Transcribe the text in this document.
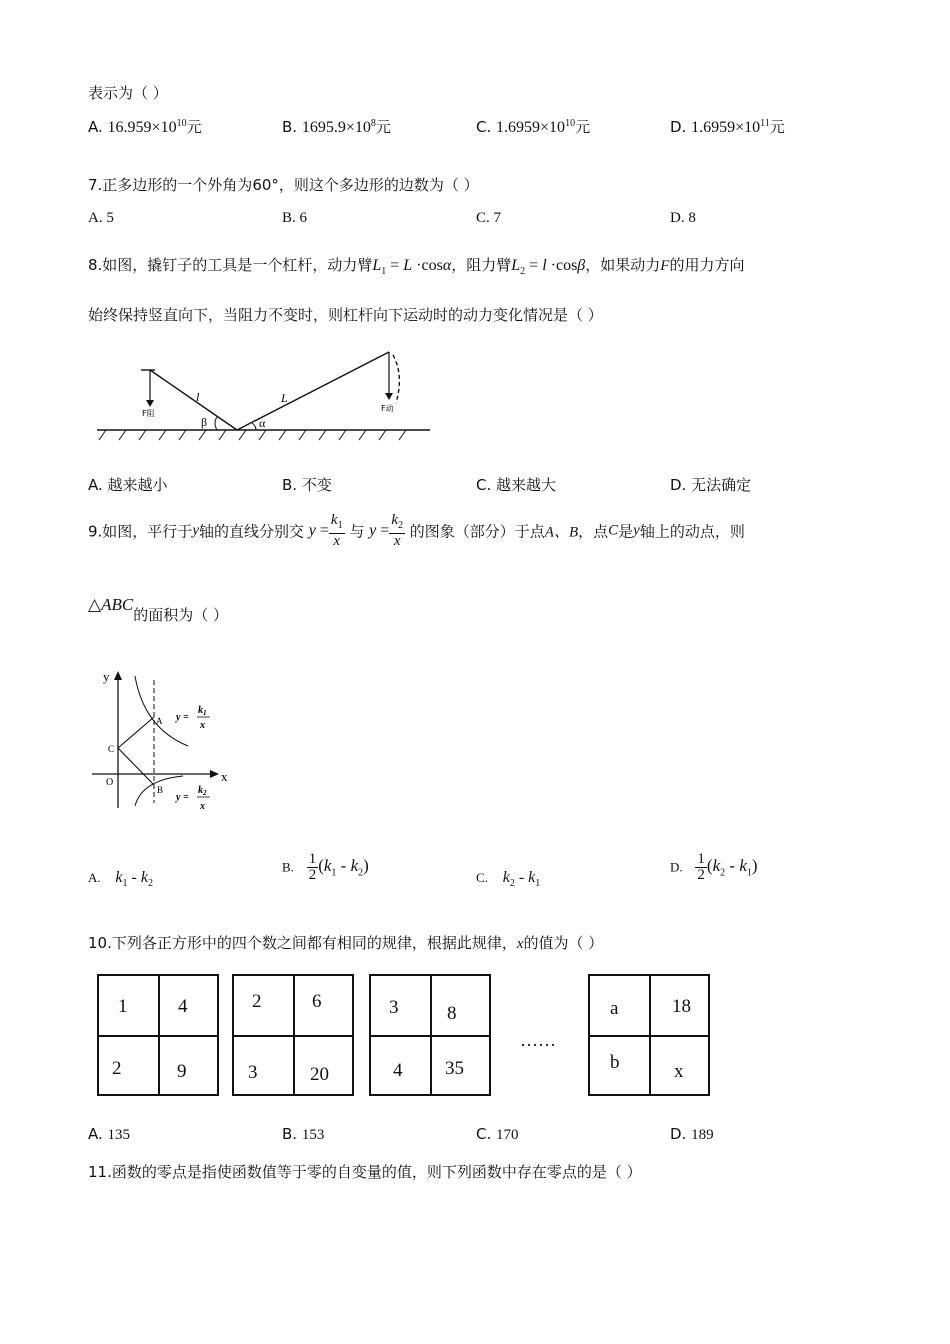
表示为（ ）
A. $16.959\times 10^{10}$元	B. $1695.9\times 10^8$元	C. $1.6959\times 10^{10}$元	D. $1.6959\times 10^{11}$元
7.正多边形的一个外角为60°，则这个多边形的边数为（ ）
A. 5	B. 6	C. 7	D. 8
8.如图，撬钉子的工具是一个杠杆，动力臂$L_1 = L \cdot\cos\alpha$，阻力臂$L_2 = l \cdot\cos\beta$，如果动力F的用力方向
始终保持竖直向下，当阻力不变时，则杠杆向下运动时的动力变化情况是（ ）
l	L
β	α
F阻
F动
A. 越来越小	B. 不变	C. 越来越大	D. 无法确定
9.如图，平行于y轴的直线分别交 $y = \frac{k_1}{x}$ 与 $y = \frac{k_2}{x}$ 的图象（部分）于点A、B，点C是y轴上的动点，则
△ABC的面积为（ ）
y
x
O
A
B
C
y =
$k_1$
x
y =
$k_2$
x
A. $k_1 - k_2$
B. $\frac{1}{2} (k_1 - k_2)$
C. $k_2 - k_1$
D. $\frac{1}{2} (k_2 - k_1)$
10.下列各正方形中的四个数之间都有相同的规律，根据此规律，x的值为（ ）
1	4
2	9
2	6
3	20
3	8
4 35
……
a	18
b	x
A. 135	B. 153	C. 170	D. 189
11.函数的零点是指使函数值等于零的自变量的值，则下列函数中存在零点的是（ ）
